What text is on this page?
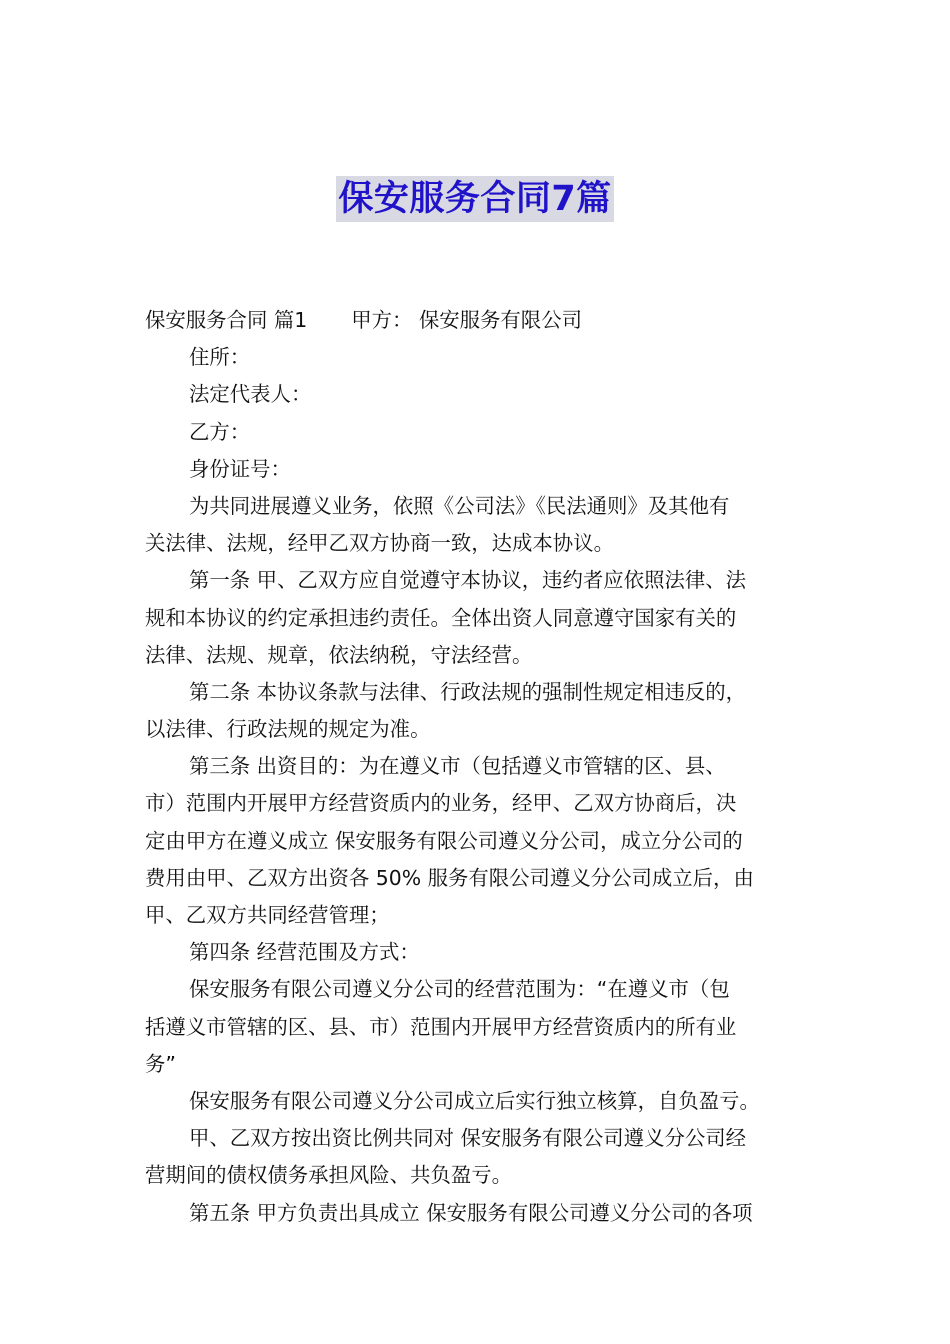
保安服务合同7篇
保安服务合同 篇1 甲方： 保安服务有限公司
住所：
法定代表人：
乙方：
身份证号：
为共同进展遵义业务，依照《公司法》《民法通则》及其他有
关法律、法规，经甲乙双方协商一致，达成本协议。
第一条 甲、乙双方应自觉遵守本协议，违约者应依照法律、法
规和本协议的约定承担违约责任。全体出资人同意遵守国家有关的
法律、法规、规章，依法纳税，守法经营。
第二条 本协议条款与法律、行政法规的强制性规定相违反的，
以法律、行政法规的规定为准。
第三条 出资目的：为在遵义市（包括遵义市管辖的区、县、
市）范围内开展甲方经营资质内的业务，经甲、乙双方协商后，决
定由甲方在遵义成立 保安服务有限公司遵义分公司，成立分公司的
费用由甲、乙双方出资各 50% 服务有限公司遵义分公司成立后，由
甲、乙双方共同经营管理；
第四条 经营范围及方式：
保安服务有限公司遵义分公司的经营范围为：“在遵义市（包
括遵义市管辖的区、县、市）范围内开展甲方经营资质内的所有业
务”
保安服务有限公司遵义分公司成立后实行独立核算，自负盈亏。
甲、乙双方按出资比例共同对 保安服务有限公司遵义分公司经
营期间的债权债务承担风险、共负盈亏。
第五条 甲方负责出具成立 保安服务有限公司遵义分公司的各项
